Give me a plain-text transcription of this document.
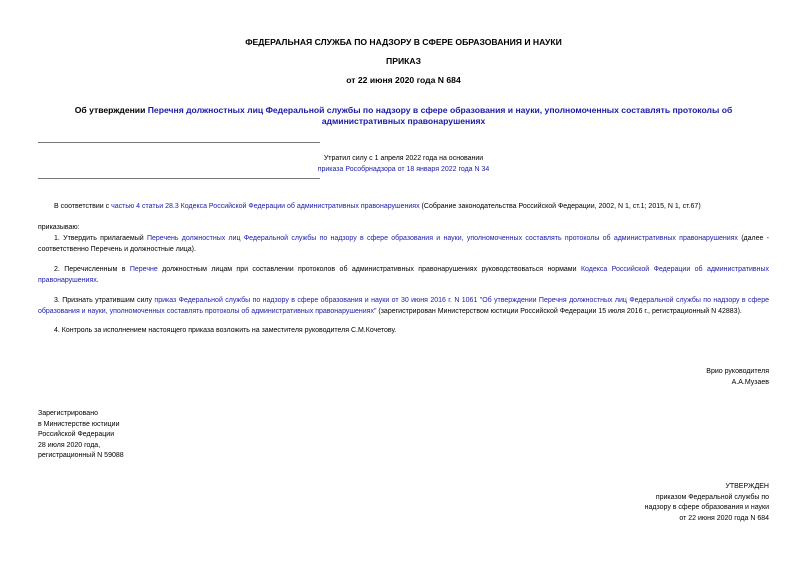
ФЕДЕРАЛЬНАЯ СЛУЖБА ПО НАДЗОРУ В СФЕРЕ ОБРАЗОВАНИЯ И НАУКИ
ПРИКАЗ
от 22 июня 2020 года N 684
Об утверждении Перечня должностных лиц Федеральной службы по надзору в сфере образования и науки, уполномоченных составлять протоколы об административных правонарушениях
Утратил силу с 1 апреля 2022 года на основании
приказа Рособрнадзора от 18 января 2022 года N 34
В соответствии с частью 4 статьи 28.3 Кодекса Российской Федерации об административных правонарушениях (Собрание законодательства Российской Федерации, 2002, N 1, ст.1; 2015, N 1, ст.67)
приказываю:
1. Утвердить прилагаемый Перечень должностных лиц Федеральной службы по надзору в сфере образования и науки, уполномоченных составлять протоколы об административных правонарушениях (далее - соответственно Перечень и должностные лица).
2. Перечисленным в Перечне должностным лицам при составлении протоколов об административных правонарушениях руководствоваться нормами Кодекса Российской Федерации об административных правонарушениях.
3. Признать утратившим силу приказ Федеральной службы по надзору в сфере образования и науки от 30 июня 2016 г. N 1061 "Об утверждении Перечня должностных лиц Федеральной службы по надзору в сфере образования и науки, уполномоченных составлять протоколы об административных правонарушениях" (зарегистрирован Министерством юстиции Российской Федерации 15 июля 2016 г., регистрационный N 42883).
4. Контроль за исполнением настоящего приказа возложить на заместителя руководителя С.М.Кочетову.
Врио руководителя
А.А.Музаев
Зарегистрировано
в Министерстве юстиции
Российской Федерации
28 июля 2020 года,
регистрационный N 59088
УТВЕРЖДЕН
приказом Федеральной службы по
надзору в сфере образования и науки
от 22 июня 2020 года N 684
